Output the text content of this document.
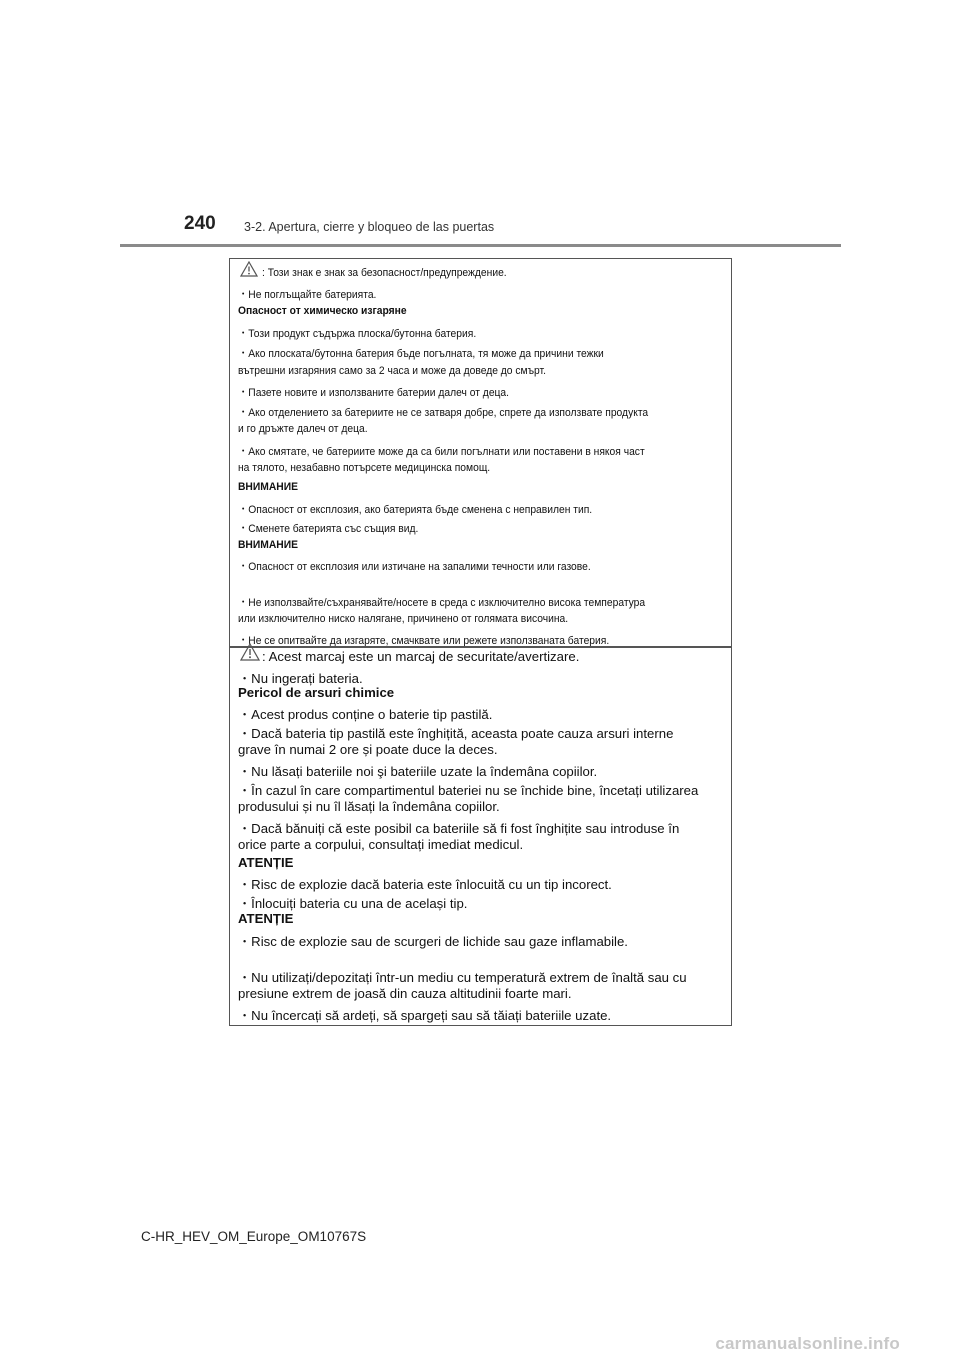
240 3-2. Apertura, cierre y bloqueo de las puertas
: Този знак е знак за безопасност/предупреждение.
・Не поглъщайте батерията.
Опасност от химическо изгаряне
・Този продукт съдържа плоска/бутонна батерия.
・Ако плоската/бутонна батерия бъде погълната, тя може да причини тежки
вътрешни изгаряния само за 2 часа и може да доведе до смърт.
・Пазете новите и използваните батерии далеч от деца.
・Ако отделението за батериите не се затваря добре, спрете да използвате продукта
и го дръжте далеч от деца.
・Ако смятате, че батериите може да са били погълнати или поставени в някоя част
на тялото, незабавно потърсете медицинска помощ.
ВНИМАНИЕ
・Опасност от експлозия, ако батерията бъде сменена с неправилен тип.
・Сменете батерията със същия вид.
ВНИМАНИЕ
・Опасност от експлозия или изтичане на запалими течности или газове.
・Не използвайте/съхранявайте/носете в среда с изключително висока температура
или изключително ниско налягане, причинено от голямата височина.
・Не се опитвайте да изгаряте, смачквате или режете използваната батерия.
: Acest marcaj este un marcaj de securitate/avertizare.
・Nu ingerați bateria.
Pericol de arsuri chimice
・Acest produs conține o baterie tip pastilă.
・Dacă bateria tip pastilă este înghițită, aceasta poate cauza arsuri interne
grave în numai 2 ore și poate duce la deces.
・Nu lăsați bateriile noi şi bateriile uzate la îndemâna copiilor.
・În cazul în care compartimentul bateriei nu se închide bine, încetați utilizarea
produsului și nu îl lăsați la îndemâna copiilor.
・Dacă bănuiți că este posibil ca bateriile să fi fost înghițite sau introduse în
orice parte a corpului, consultați imediat medicul.
ATENȚIE
・Risc de explozie dacă bateria este înlocuită cu un tip incorect.
・Înlocuiți bateria cu una de același tip.
ATENȚIE
・Risc de explozie sau de scurgeri de lichide sau gaze inflamabile.
・Nu utilizați/depozitați într-un mediu cu temperatură extrem de înaltă sau cu
presiune extrem de joasă din cauza altitudinii foarte mari.
・Nu încercați să ardeți, să spargeți sau să tăiați bateriile uzate.
C-HR_HEV_OM_Europe_OM10767S
carmanualsonline.info
